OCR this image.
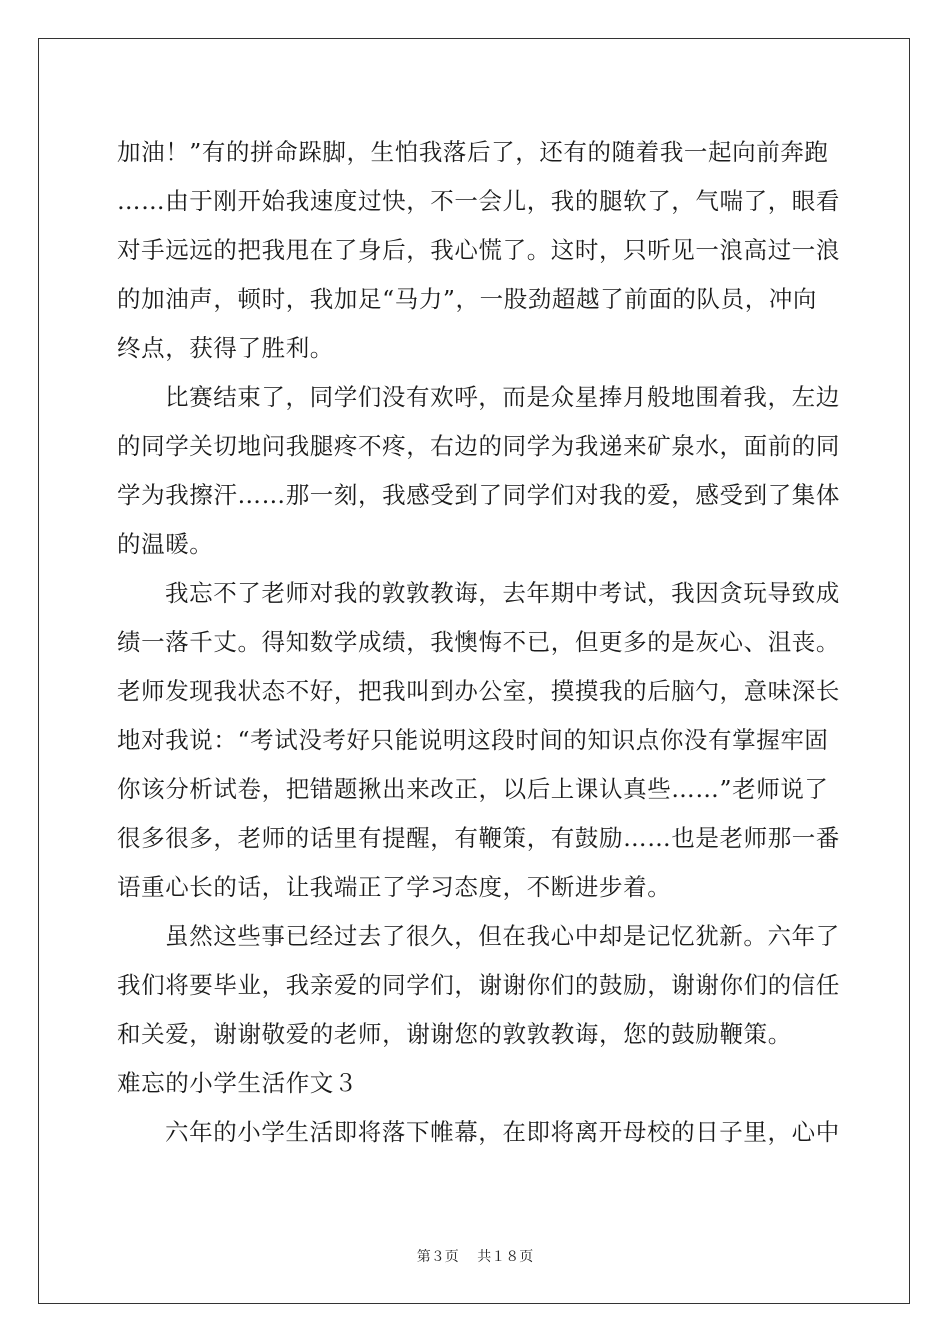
加油！”有的拼命跺脚，生怕我落后了，还有的随着我一起向前奔跑
……由于刚开始我速度过快，不一会儿，我的腿软了，气喘了，眼看
对手远远的把我甩在了身后，我心慌了。这时，只听见一浪高过一浪
的加油声，顿时，我加足“马力”，一股劲超越了前面的队员，冲向
终点，获得了胜利。
比赛结束了，同学们没有欢呼，而是众星捧月般地围着我，左边
的同学关切地问我腿疼不疼，右边的同学为我递来矿泉水，面前的同
学为我擦汗……那一刻，我感受到了同学们对我的爱，感受到了集体
的温暖。
我忘不了老师对我的敦敦教诲，去年期中考试，我因贪玩导致成
绩一落千丈。得知数学成绩，我懊悔不已，但更多的是灰心、沮丧。
老师发现我状态不好，把我叫到办公室，摸摸我的后脑勺，意味深长
地对我说：“考试没考好只能说明这段时间的知识点你没有掌握牢固
你该分析试卷，把错题揪出来改正，以后上课认真些……”老师说了
很多很多，老师的话里有提醒，有鞭策，有鼓励……也是老师那一番
语重心长的话，让我端正了学习态度，不断进步着。
虽然这些事已经过去了很久，但在我心中却是记忆犹新。六年了
我们将要毕业，我亲爱的同学们，谢谢你们的鼓励，谢谢你们的信任
和关爱，谢谢敬爱的老师，谢谢您的敦敦教诲，您的鼓励鞭策。
难忘的小学生活作文３
六年的小学生活即将落下帷幕，在即将离开母校的日子里，心中
第３页 共１８页
